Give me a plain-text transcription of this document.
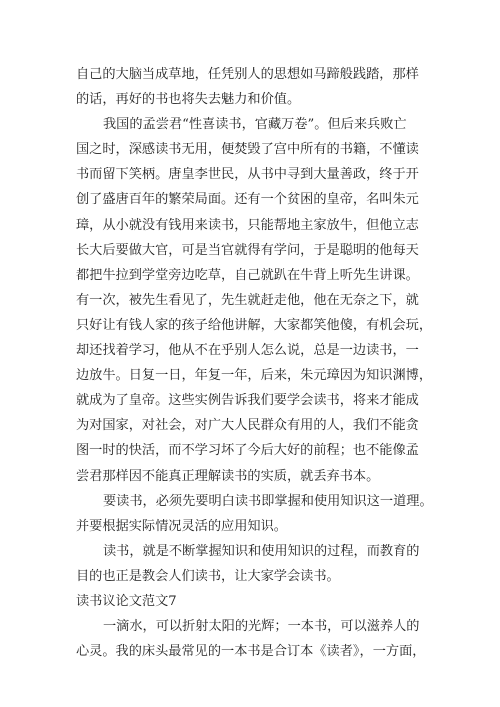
自己的大脑当成草地，任凭别人的思想如马蹄般践踏，那样
的话，再好的书也将失去魅力和价值。
我国的孟尝君“性喜读书，官藏万卷”。但后来兵败亡
国之时，深感读书无用，便焚毁了宫中所有的书籍，不懂读
书而留下笑柄。唐皇李世民，从书中寻到大量善政，终于开
创了盛唐百年的繁荣局面。还有一个贫困的皇帝，名叫朱元
璋，从小就没有钱用来读书，只能帮地主家放牛，但他立志
长大后要做大官，可是当官就得有学问，于是聪明的他每天
都把牛拉到学堂旁边吃草，自己就趴在牛背上听先生讲课。
有一次，被先生看见了，先生就赶走他，他在无奈之下，就
只好让有钱人家的孩子给他讲解，大家都笑他傻，有机会玩，
却还找着学习，他从不在乎别人怎么说，总是一边读书，一
边放牛。日复一日，年复一年，后来，朱元璋因为知识渊博，
就成为了皇帝。这些实例告诉我们要学会读书，将来才能成
为对国家，对社会，对广大人民群众有用的人，我们不能贪
图一时的快活，而不学习坏了今后大好的前程；也不能像孟
尝君那样因不能真正理解读书的实质，就丢弃书本。
要读书，必须先要明白读书即掌握和使用知识这一道理。
并要根据实际情况灵活的应用知识。
读书，就是不断掌握知识和使用知识的过程，而教育的
目的也正是教会人们读书，让大家学会读书。
读书议论文范文7
一滴水，可以折射太阳的光辉；一本书，可以滋养人的
心灵。我的床头最常见的一本书是合订本《读者》，一方面，
